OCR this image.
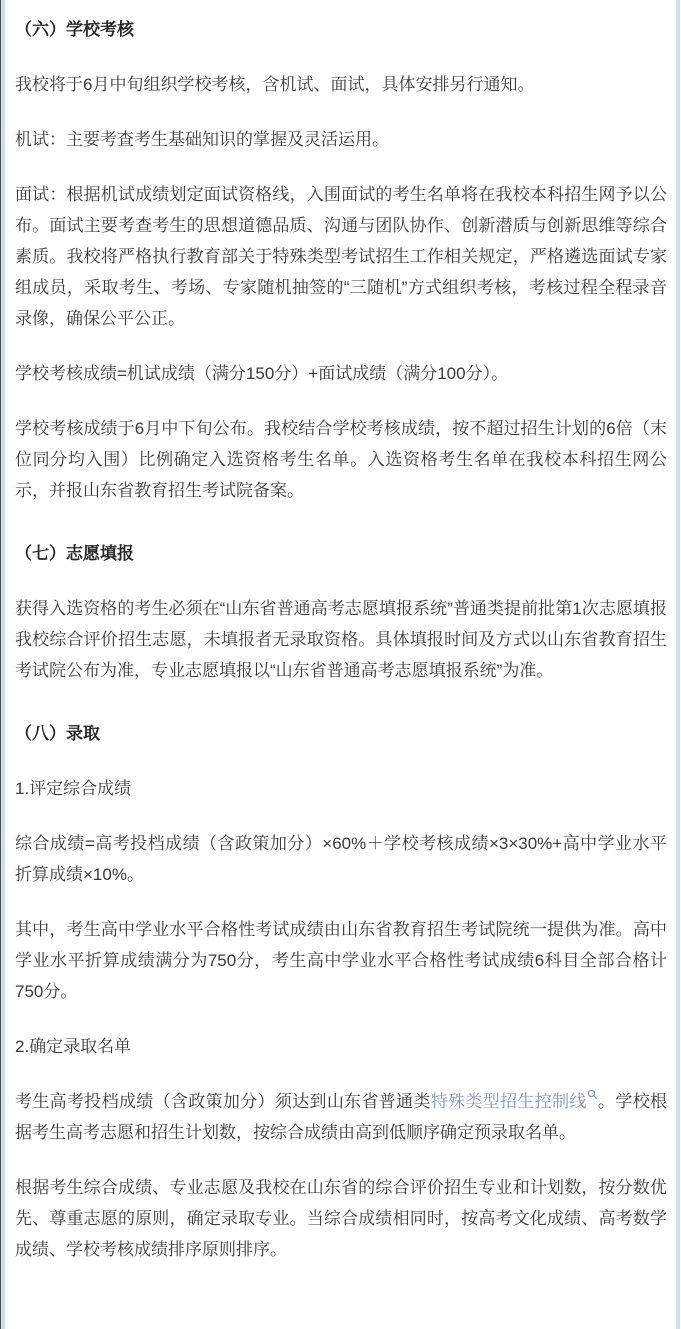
（六）学校考核

我校将于6月中旬组织学校考核，含机试、面试，具体安排另行通知。

机试：主要考查考生基础知识的掌握及灵活运用。

面试：根据机试成绩划定面试资格线，入围面试的考生名单将在我校本科招生网予以公布。面试主要考查考生的思想道德品质、沟通与团队协作、创新潜质与创新思维等综合素质。我校将严格执行教育部关于特殊类型考试招生工作相关规定，严格遴选面试专家组成员，采取考生、考场、专家随机抽签的“三随机”方式组织考核，考核过程全程录音录像，确保公平公正。

学校考核成绩=机试成绩（满分150分）+面试成绩（满分100分）。

学校考核成绩于6月中下旬公布。我校结合学校考核成绩，按不超过招生计划的6倍（末位同分均入围）比例确定入选资格考生名单。入选资格考生名单在我校本科招生网公示，并报山东省教育招生考试院备案。

（七）志愿填报

获得入选资格的考生必须在“山东省普通高考志愿填报系统”普通类提前批第1次志愿填报我校综合评价招生志愿，未填报者无录取资格。具体填报时间及方式以山东省教育招生考试院公布为准，专业志愿填报以“山东省普通高考志愿填报系统”为准。

（八）录取

1.评定综合成绩

综合成绩=高考投档成绩（含政策加分）×60%＋学校考核成绩×3×30%+高中学业水平折算成绩×10%。

其中，考生高中学业水平合格性考试成绩由山东省教育招生考试院统一提供为准。高中学业水平折算成绩满分为750分，考生高中学业水平合格性考试成绩6科目全部合格计750分。

2.确定录取名单

考生高考投档成绩（含政策加分）须达到山东省普通类特殊类型招生控制线 。学校根据考生高考志愿和招生计划数，按综合成绩由高到低顺序确定预录取名单。

根据考生综合成绩、专业志愿及我校在山东省的综合评价招生专业和计划数，按分数优先、尊重志愿的原则，确定录取专业。当综合成绩相同时，按高考文化成绩、高考数学成绩、学校考核成绩排序原则排序。
